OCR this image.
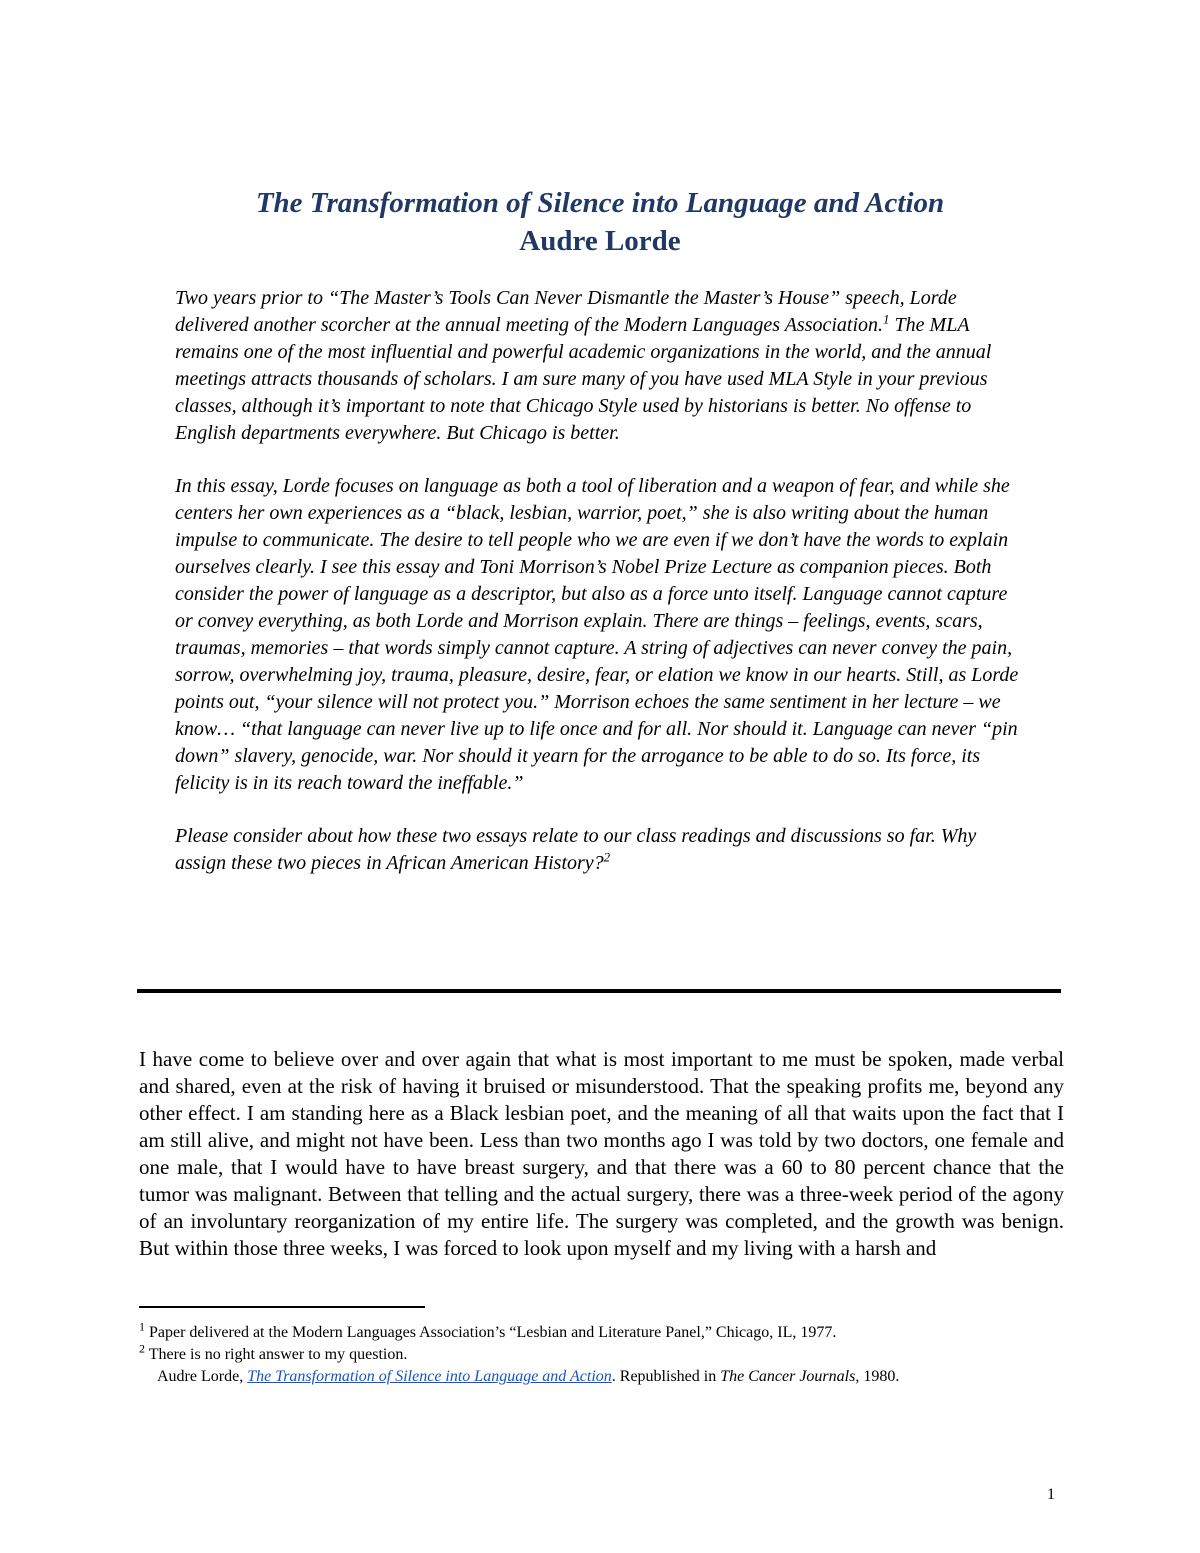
The Transformation of Silence into Language and Action
Audre Lorde

Two years prior to “The Master’s Tools Can Never Dismantle the Master’s House” speech, Lorde delivered another scorcher at the annual meeting of the Modern Languages Association.$^1$ The MLA remains one of the most influential and powerful academic organizations in the world, and the annual meetings attracts thousands of scholars. I am sure many of you have used MLA Style in your previous classes, although it’s important to note that Chicago Style used by historians is better. No offense to English departments everywhere. But Chicago is better.

In this essay, Lorde focuses on language as both a tool of liberation and a weapon of fear, and while she centers her own experiences as a “black, lesbian, warrior, poet,” she is also writing about the human impulse to communicate. The desire to tell people who we are even if we don’t have the words to explain ourselves clearly. I see this essay and Toni Morrison’s Nobel Prize Lecture as companion pieces. Both consider the power of language as a descriptor, but also as a force unto itself. Language cannot capture or convey everything, as both Lorde and Morrison explain. There are things – feelings, events, scars, traumas, memories – that words simply cannot capture. A string of adjectives can never convey the pain, sorrow, overwhelming joy, trauma, pleasure, desire, fear, or elation we know in our hearts. Still, as Lorde points out, “your silence will not protect you.” Morrison echoes the same sentiment in her lecture – we know… “that language can never live up to life once and for all. Nor should it. Language can never “pin down” slavery, genocide, war. Nor should it yearn for the arrogance to be able to do so. Its force, its felicity is in its reach toward the ineffable.”

Please consider about how these two essays relate to our class readings and discussions so far. Why assign these two pieces in African American History?$^2$

I have come to believe over and over again that what is most important to me must be spoken, made verbal and shared, even at the risk of having it bruised or misunderstood. That the speaking profits me, beyond any other effect. I am standing here as a Black lesbian poet, and the meaning of all that waits upon the fact that I am still alive, and might not have been. Less than two months ago I was told by two doctors, one female and one male, that I would have to have breast surgery, and that there was a 60 to 80 percent chance that the tumor was malignant. Between that telling and the actual surgery, there was a three-week period of the agony of an involuntary reorganization of my entire life. The surgery was completed, and the growth was benign. But within those three weeks, I was forced to look upon myself and my living with a harsh and

$^1$ Paper delivered at the Modern Languages Association’s “Lesbian and Literature Panel,” Chicago, IL, 1977.

$^2$ There is no right answer to my question.

Audre Lorde, The Transformation of Silence into Language and Action. Republished in The Cancer Journals, 1980.

1
